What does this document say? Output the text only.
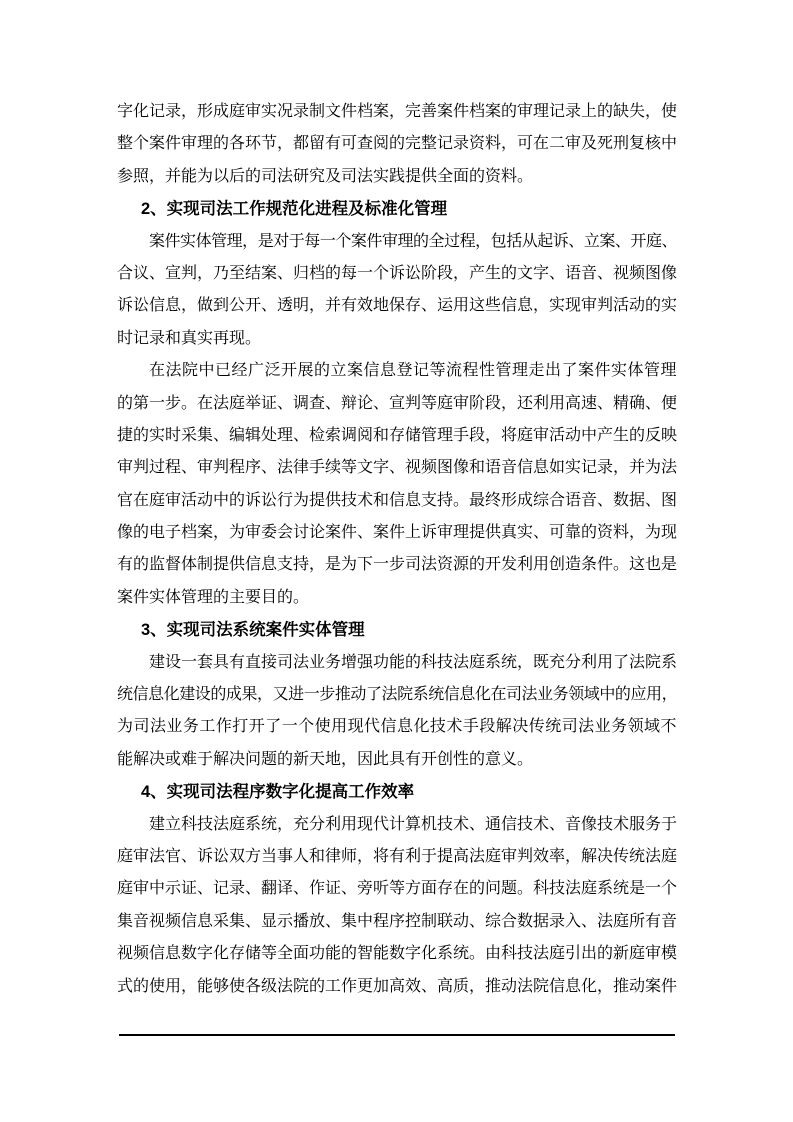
字化记录，形成庭审实况录制文件档案，完善案件档案的审理记录上的缺失，使
整个案件审理的各环节，都留有可查阅的完整记录资料，可在二审及死刑复核中
参照，并能为以后的司法研究及司法实践提供全面的资料。
2、实现司法工作规范化进程及标准化管理
案件实体管理，是对于每一个案件审理的全过程，包括从起诉、立案、开庭、
合议、宣判，乃至结案、归档的每一个诉讼阶段，产生的文字、语音、视频图像
诉讼信息，做到公开、透明，并有效地保存、运用这些信息，实现审判活动的实
时记录和真实再现。
在法院中已经广泛开展的立案信息登记等流程性管理走出了案件实体管理
的第一步。在法庭举证、调查、辩论、宣判等庭审阶段，还利用高速、精确、便
捷的实时采集、编辑处理、检索调阅和存储管理手段，将庭审活动中产生的反映
审判过程、审判程序、法律手续等文字、视频图像和语音信息如实记录，并为法
官在庭审活动中的诉讼行为提供技术和信息支持。最终形成综合语音、数据、图
像的电子档案，为审委会讨论案件、案件上诉审理提供真实、可靠的资料，为现
有的监督体制提供信息支持，是为下一步司法资源的开发利用创造条件。这也是
案件实体管理的主要目的。
3、实现司法系统案件实体管理
建设一套具有直接司法业务增强功能的科技法庭系统，既充分利用了法院系
统信息化建设的成果，又进一步推动了法院系统信息化在司法业务领域中的应用，
为司法业务工作打开了一个使用现代信息化技术手段解决传统司法业务领域不
能解决或难于解决问题的新天地，因此具有开创性的意义。
4、实现司法程序数字化提高工作效率
建立科技法庭系统，充分利用现代计算机技术、通信技术、音像技术服务于
庭审法官、诉讼双方当事人和律师，将有利于提高法庭审判效率，解决传统法庭
庭审中示证、记录、翻译、作证、旁听等方面存在的问题。科技法庭系统是一个
集音视频信息采集、显示播放、集中程序控制联动、综合数据录入、法庭所有音
视频信息数字化存储等全面功能的智能数字化系统。由科技法庭引出的新庭审模
式的使用，能够使各级法院的工作更加高效、高质，推动法院信息化，推动案件
